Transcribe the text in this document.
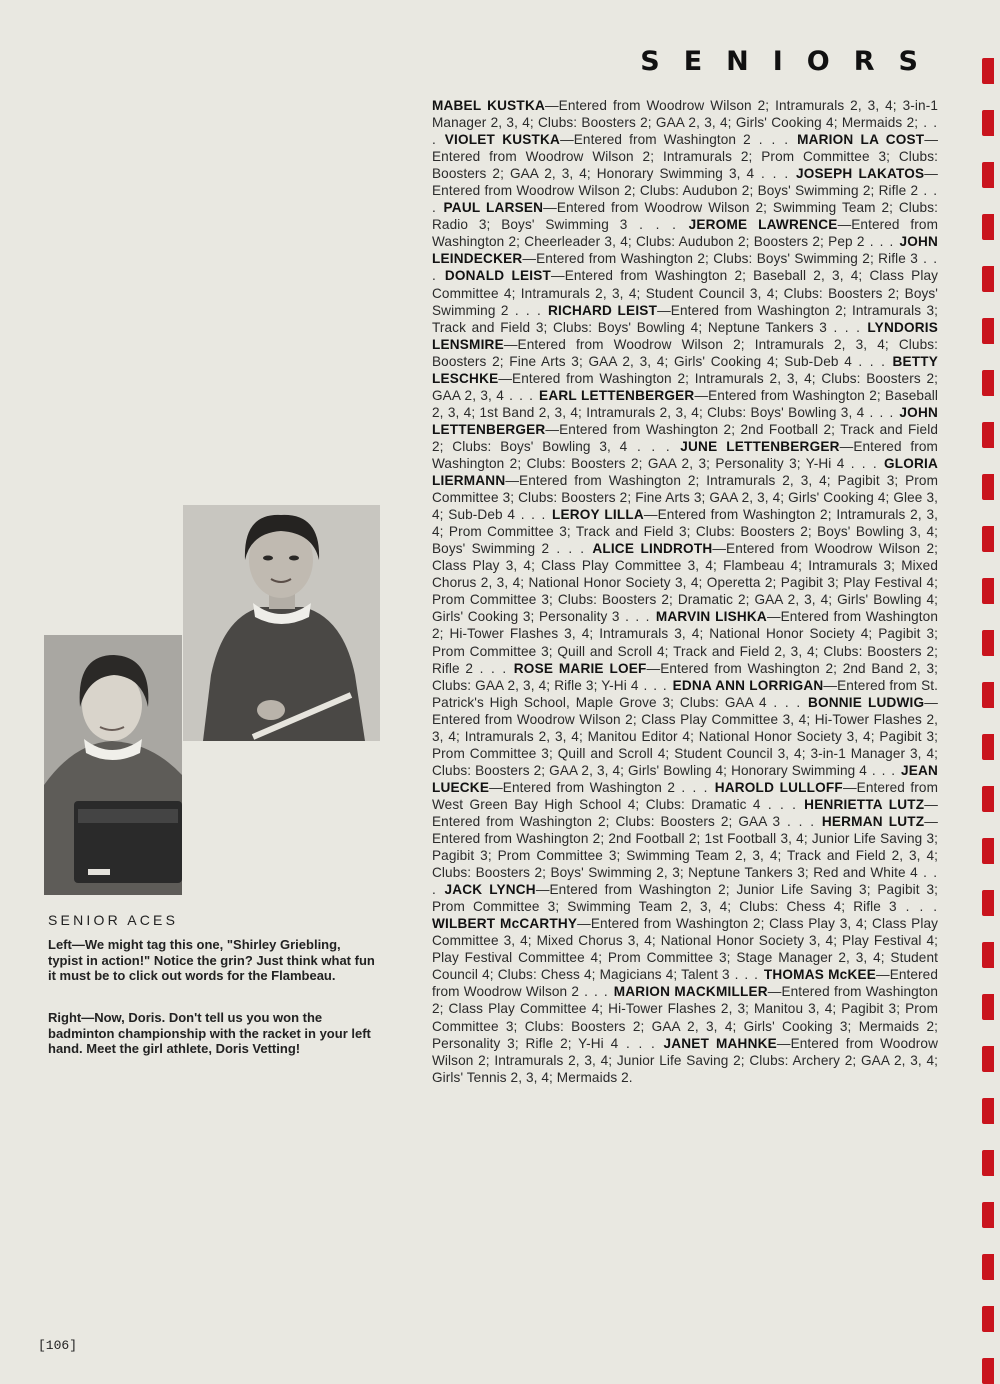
SENIORS
MABEL KUSTKA—Entered from Woodrow Wilson 2; Intramurals 2, 3, 4; 3-in-1 Manager 2, 3, 4; Clubs: Boosters 2; GAA 2, 3, 4; Girls' Cooking 4; Mermaids 2; . . . VIOLET KUSTKA—Entered from Washington 2 . . . MARION LA COST—Entered from Woodrow Wilson 2; Intramurals 2; Prom Committee 3; Clubs: Boosters 2; GAA 2, 3, 4; Honorary Swimming 3, 4 . . . JOSEPH LAKATOS—Entered from Woodrow Wilson 2; Clubs: Audubon 2; Boys' Swimming 2; Rifle 2 . . . PAUL LARSEN—Entered from Woodrow Wilson 2; Swimming Team 2; Clubs: Radio 3; Boys' Swimming 3 . . . JEROME LAWRENCE—Entered from Washington 2; Cheerleader 3, 4; Clubs: Audubon 2; Boosters 2; Pep 2 . . . JOHN LEINDECKER—Entered from Washington 2; Clubs: Boys' Swimming 2; Rifle 3 . . . DONALD LEIST—Entered from Washington 2; Baseball 2, 3, 4; Class Play Committee 4; Intramurals 2, 3, 4; Student Council 3, 4; Clubs: Boosters 2; Boys' Swimming 2 . . . RICHARD LEIST—Entered from Washington 2; Intramurals 3; Track and Field 3; Clubs: Boys' Bowling 4; Neptune Tankers 3 . . . LYNDORIS LENSMIRE—Entered from Woodrow Wilson 2; Intramurals 2, 3, 4; Clubs: Boosters 2; Fine Arts 3; GAA 2, 3, 4; Girls' Cooking 4; Sub-Deb 4 . . . BETTY LESCHKE—Entered from Washington 2; Intramurals 2, 3, 4; Clubs: Boosters 2; GAA 2, 3, 4 . . . EARL LETTENBERGER—Entered from Washington 2; Baseball 2, 3, 4; 1st Band 2, 3, 4; Intramurals 2, 3, 4; Clubs: Boys' Bowling 3, 4 . . . JOHN LETTENBERGER—Entered from Washington 2; 2nd Football 2; Track and Field 2; Clubs: Boys' Bowling 3, 4 . . . JUNE LETTENBERGER—Entered from Washington 2; Clubs: Boosters 2; GAA 2, 3; Personality 3; Y-Hi 4 . . . GLORIA LIERMANN—Entered from Washington 2; Intramurals 2, 3, 4; Pagibit 3; Prom Committee 3; Clubs: Boosters 2; Fine Arts 3; GAA 2, 3, 4; Girls' Cooking 4; Glee 3, 4; Sub-Deb 4 . . . LEROY LILLA—Entered from Washington 2; Intramurals 2, 3, 4; Prom Committee 3; Track and Field 3; Clubs: Boosters 2; Boys' Bowling 3, 4; Boys' Swimming 2 . . . ALICE LINDROTH—Entered from Woodrow Wilson 2; Class Play 3, 4; Class Play Committee 3, 4; Flambeau 4; Intramurals 3; Mixed Chorus 2, 3, 4; National Honor Society 3, 4; Operetta 2; Pagibit 3; Play Festival 4; Prom Committee 3; Clubs: Boosters 2; Dramatic 2; GAA 2, 3, 4; Girls' Bowling 4; Girls' Cooking 3; Personality 3 . . . MARVIN LISHKA—Entered from Washington 2; Hi-Tower Flashes 3, 4; Intramurals 3, 4; National Honor Society 4; Pagibit 3; Prom Committee 3; Quill and Scroll 4; Track and Field 2, 3, 4; Clubs: Boosters 2; Rifle 2 . . . ROSE MARIE LOEF—Entered from Washington 2; 2nd Band 2, 3; Clubs: GAA 2, 3, 4; Rifle 3; Y-Hi 4 . . . EDNA ANN LORRIGAN—Entered from St. Patrick's High School, Maple Grove 3; Clubs: GAA 4 . . . BONNIE LUDWIG—Entered from Woodrow Wilson 2; Class Play Committee 3, 4; Hi-Tower Flashes 2, 3, 4; Intramurals 2, 3, 4; Manitou Editor 4; National Honor Society 3, 4; Pagibit 3; Prom Committee 3; Quill and Scroll 4; Student Council 3, 4; 3-in-1 Manager 3, 4; Clubs: Boosters 2; GAA 2, 3, 4; Girls' Bowling 4; Honorary Swimming 4 . . . JEAN LUECKE—Entered from Washington 2 . . . HAROLD LULLOFF—Entered from West Green Bay High School 4; Clubs: Dramatic 4 . . . HENRIETTA LUTZ—Entered from Washington 2; Clubs: Boosters 2; GAA 3 . . . HERMAN LUTZ—Entered from Washington 2; 2nd Football 2; 1st Football 3, 4; Junior Life Saving 3; Pagibit 3; Prom Committee 3; Swimming Team 2, 3, 4; Track and Field 2, 3, 4; Clubs: Boosters 2; Boys' Swimming 2, 3; Neptune Tankers 3; Red and White 4 . . . JACK LYNCH—Entered from Washington 2; Junior Life Saving 3; Pagibit 3; Prom Committee 3; Swimming Team 2, 3, 4; Clubs: Chess 4; Rifle 3 . . . WILBERT McCARTHY—Entered from Washington 2; Class Play 3, 4; Class Play Committee 3, 4; Mixed Chorus 3, 4; National Honor Society 3, 4; Play Festival 4; Play Festival Committee 4; Prom Committee 3; Stage Manager 2, 3, 4; Student Council 4; Clubs: Chess 4; Magicians 4; Talent 3 . . . THOMAS McKEE—Entered from Woodrow Wilson 2 . . . MARION MACKMILLER—Entered from Washington 2; Class Play Committee 4; Hi-Tower Flashes 2, 3; Manitou 3, 4; Pagibit 3; Prom Committee 3; Clubs: Boosters 2; GAA 2, 3, 4; Girls' Cooking 3; Mermaids 2; Personality 3; Rifle 2; Y-Hi 4 . . . JANET MAHNKE—Entered from Woodrow Wilson 2; Intramurals 2, 3, 4; Junior Life Saving 2; Clubs: Archery 2; GAA 2, 3, 4; Girls' Tennis 2, 3, 4; Mermaids 2.
SENIOR ACES
Left—We might tag this one, "Shirley Griebling, typist in action!" Notice the grin? Just think what fun it must be to click out words for the Flambeau.
Right—Now, Doris. Don't tell us you won the badminton championship with the racket in your left hand. Meet the girl athlete, Doris Vetting!
[106]
